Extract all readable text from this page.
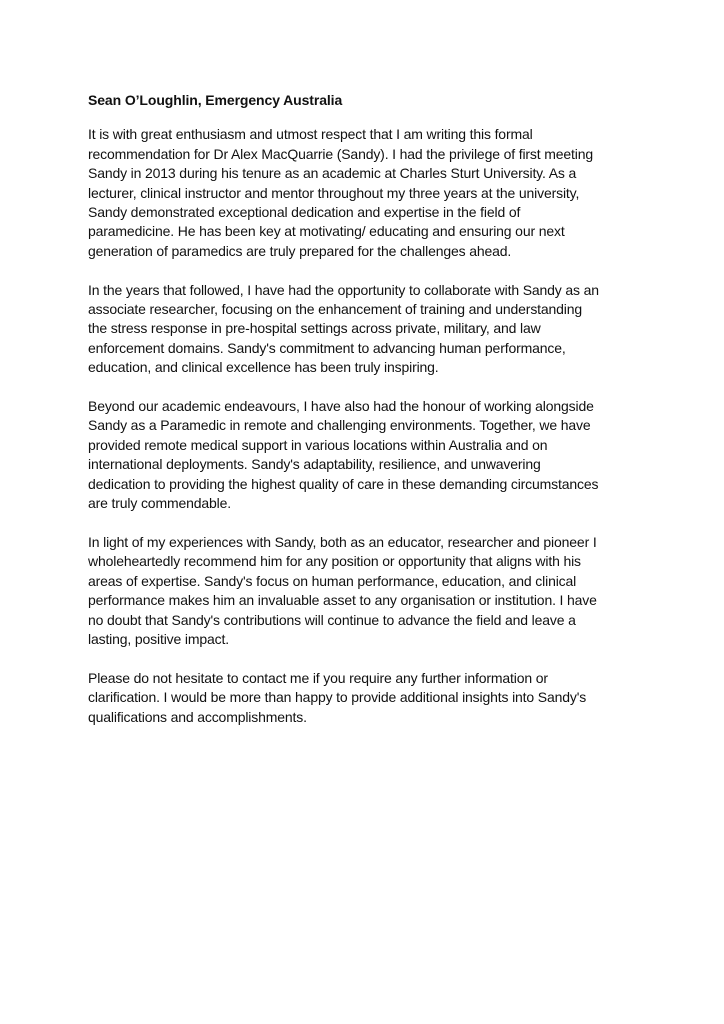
Sean O’Loughlin, Emergency Australia

It is with great enthusiasm and utmost respect that I am writing this formal
recommendation for Dr Alex MacQuarrie (Sandy). I had the privilege of first meeting
Sandy in 2013 during his tenure as an academic at Charles Sturt University. As a
lecturer, clinical instructor and mentor throughout my three years at the university,
Sandy demonstrated exceptional dedication and expertise in the field of
paramedicine. He has been key at motivating/ educating and ensuring our next
generation of paramedics are truly prepared for the challenges ahead.

In the years that followed, I have had the opportunity to collaborate with Sandy as an
associate researcher, focusing on the enhancement of training and understanding
the stress response in pre-hospital settings across private, military, and law
enforcement domains. Sandy's commitment to advancing human performance,
education, and clinical excellence has been truly inspiring.

Beyond our academic endeavours, I have also had the honour of working alongside
Sandy as a Paramedic in remote and challenging environments. Together, we have
provided remote medical support in various locations within Australia and on
international deployments. Sandy's adaptability, resilience, and unwavering
dedication to providing the highest quality of care in these demanding circumstances
are truly commendable.

In light of my experiences with Sandy, both as an educator, researcher and pioneer I
wholeheartedly recommend him for any position or opportunity that aligns with his
areas of expertise. Sandy's focus on human performance, education, and clinical
performance makes him an invaluable asset to any organisation or institution. I have
no doubt that Sandy's contributions will continue to advance the field and leave a
lasting, positive impact.

Please do not hesitate to contact me if you require any further information or
clarification. I would be more than happy to provide additional insights into Sandy's
qualifications and accomplishments.
